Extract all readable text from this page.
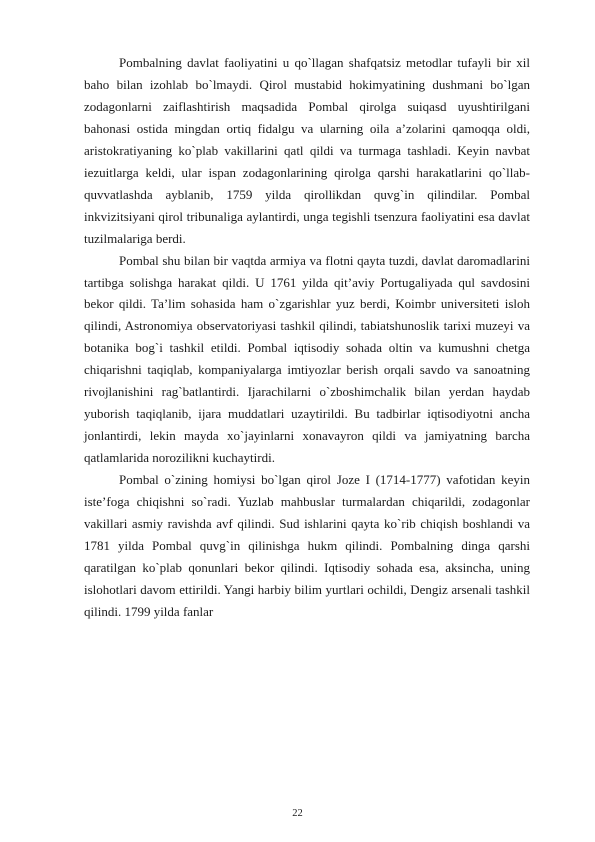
Pombalning davlat faoliyatini u qo`llagan shafqatsiz metodlar tufayli bir xil baho bilan izohlab bo`lmaydi. Qirol mustabid hokimyatining dushmani bo`lgan zodagonlarni zaiflashtirish maqsadida Pombal qirolga suiqasd uyushtirilgani bahonasi ostida mingdan ortiq fidalgu va ularning oila a’zolarini qamoqqa oldi, aristokratiyaning ko`plab vakillarini qatl qildi va turmaga tashladi. Keyin navbat iezuitlarga keldi, ular ispan zodagonlarining qirolga qarshi harakatlarini qo`llab-quvvatlashda ayblanib, 1759 yilda qirollikdan quvg`in qilindilar. Pombal inkvizitsiyani qirol tribunaliga aylantirdi, unga tegishli tsenzura faoliyatini esa davlat tuzilmalariga berdi.

Pombal shu bilan bir vaqtda armiya va flotni qayta tuzdi, davlat daromadlarini tartibga solishga harakat qildi. U 1761 yilda qit’aviy Portugaliyada qul savdosini bekor qildi. Ta’lim sohasida ham o`zgarishlar yuz berdi, Koimbr universiteti isloh qilindi, Astronomiya observatoriyasi tashkil qilindi, tabiatshunoslik tarixi muzeyi va botanika bog`i tashkil etildi. Pombal iqtisodiy sohada oltin va kumushni chetga chiqarishni taqiqlab, kompaniyalarga imtiyozlar berish orqali savdo va sanoatning rivojlanishini rag`batlantirdi. Ijarachilarni o`zboshimchalik bilan yerdan haydab yuborish taqiqlanib, ijara muddatlari uzaytirildi. Bu tadbirlar iqtisodiyotni ancha jonlantirdi, lekin mayda xo`jayinlarni xonavayron qildi va jamiyatning barcha qatlamlarida norozilikni kuchaytirdi.

Pombal o`zining homiysi bo`lgan qirol Joze I (1714-1777) vafotidan keyin iste’foga chiqishni so`radi. Yuzlab mahbuslar turmalardan chiqarildi, zodagonlar vakillari asmiy ravishda avf qilindi. Sud ishlarini qayta ko`rib chiqish boshlandi va 1781 yilda Pombal quvg`in qilinishga hukm qilindi. Pombalning dinga qarshi qaratilgan ko`plab qonunlari bekor qilindi. Iqtisodiy sohada esa, aksincha, uning islohotlari davom ettirildi. Yangi harbiy bilim yurtlari ochildi, Dengiz arsenali tashkil qilindi. 1799 yilda fanlar

22
